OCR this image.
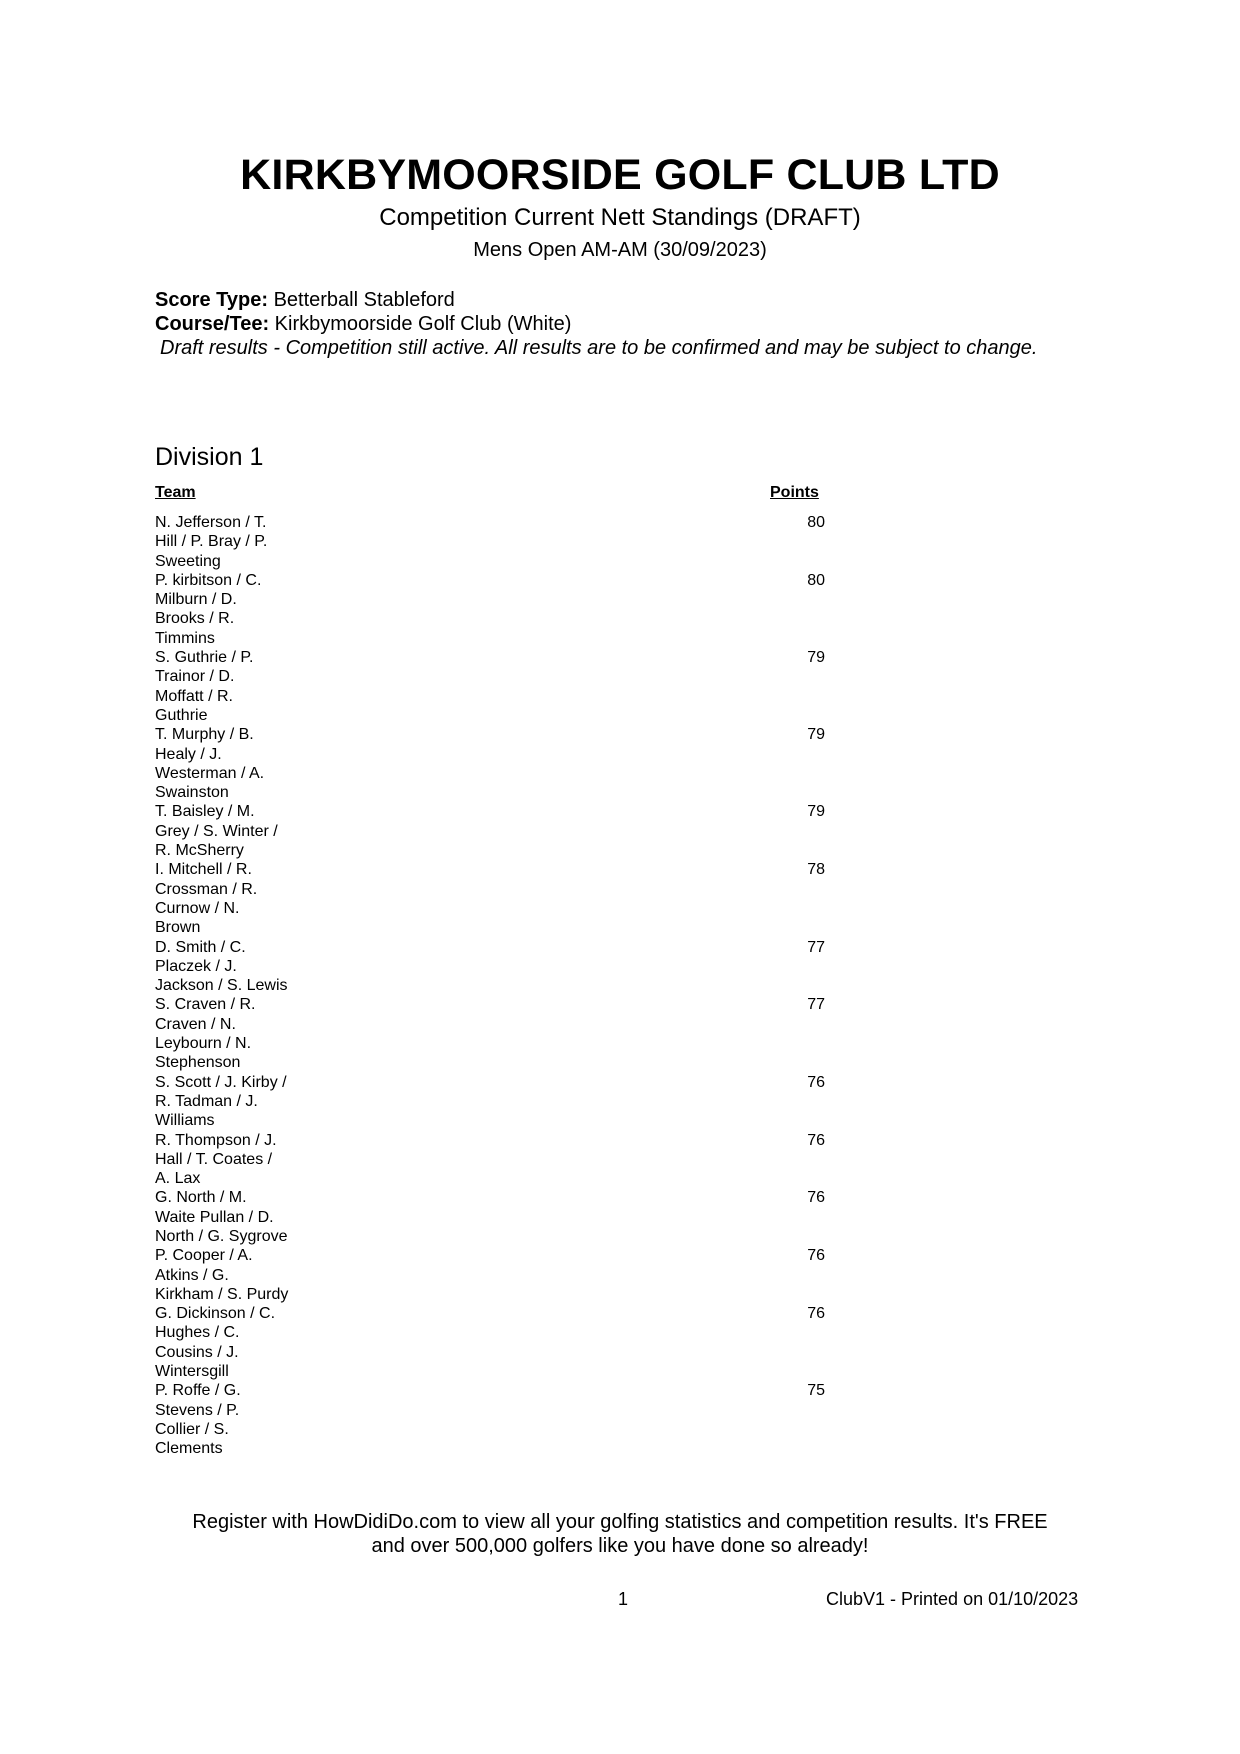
KIRKBYMOORSIDE GOLF CLUB LTD
Competition Current Nett Standings (DRAFT)
Mens Open AM-AM (30/09/2023)
Score Type: Betterball Stableford
Course/Tee: Kirkbymoorside Golf Club (White)
Draft results - Competition still active. All results are to be confirmed and may be subject to change.
Division 1
Team	Points
N. Jefferson / T.
Hill / P. Bray / P.
Sweeting
80
P. kirbitson / C.
Milburn / D.
Brooks / R.
Timmins
80
S. Guthrie / P.
Trainor / D.
Moffatt / R.
Guthrie
79
T. Murphy / B.
Healy / J.
Westerman / A.
Swainston
79
T. Baisley / M.
Grey / S. Winter /
R. McSherry
79
I. Mitchell / R.
Crossman / R.
Curnow / N.
Brown
78
D. Smith / C.
Placzek / J.
Jackson / S. Lewis
77
S. Craven / R.
Craven / N.
Leybourn / N.
Stephenson
77
S. Scott / J. Kirby /
R. Tadman / J.
Williams
76
R. Thompson / J.
Hall / T. Coates /
A. Lax
76
G. North / M.
Waite Pullan / D.
North / G. Sygrove
76
P. Cooper / A.
Atkins / G.
Kirkham / S. Purdy
76
G. Dickinson / C.
Hughes / C.
Cousins / J.
Wintersgill
76
P. Roffe / G.
Stevens / P.
Collier / S.
Clements
75
Register with HowDidiDo.com to view all your golfing statistics and competition results. It's FREE
and over 500,000 golfers like you have done so already!
1	ClubV1 - Printed on 01/10/2023
